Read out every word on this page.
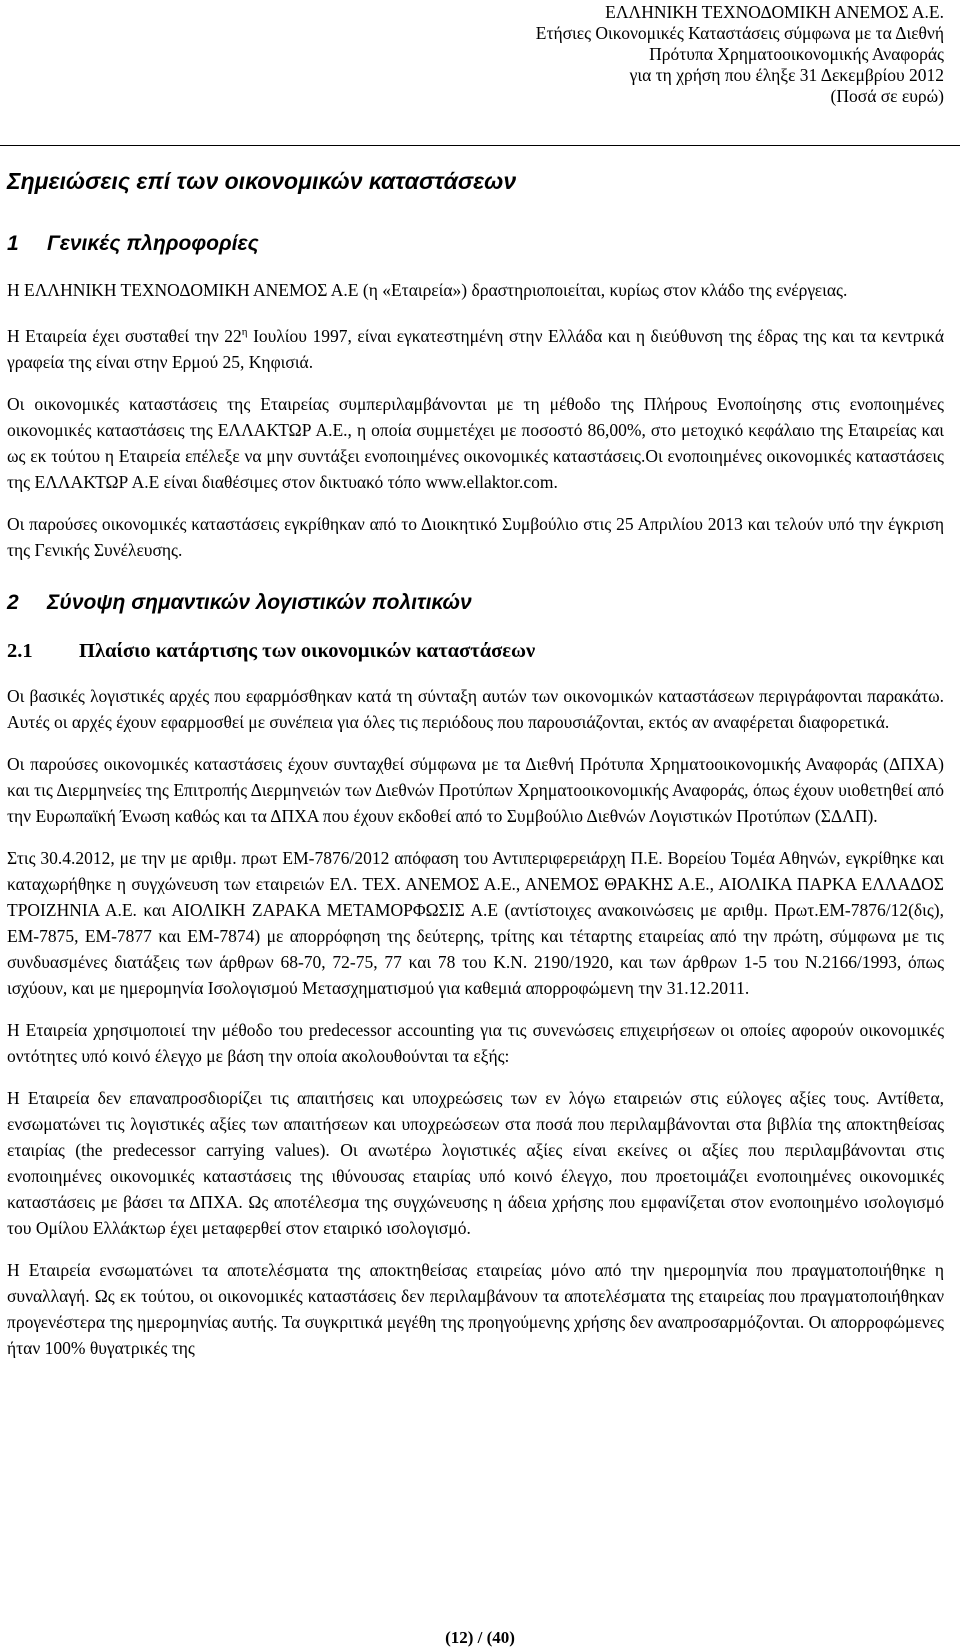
ΕΛΛΗΝΙΚΗ ΤΕΧΝΟΔΟΜΙΚΗ ΑΝΕΜΟΣ Α.Ε.
Ετήσιες Οικονομικές Καταστάσεις σύμφωνα με τα Διεθνή
Πρότυπα Χρηματοοικονομικής Αναφοράς
για τη χρήση που έληξε 31 Δεκεμβρίου 2012
(Ποσά σε ευρώ)
Σημειώσεις επί των οικονομικών καταστάσεων
1	Γενικές πληροφορίες

Η ΕΛΛΗΝΙΚΗ ΤΕΧΝΟΔΟΜΙΚΗ ΑΝΕΜΟΣ Α.Ε (η «Εταιρεία») δραστηριοποιείται, κυρίως στον κλάδο της ενέργειας.

Η Εταιρεία έχει συσταθεί την $22^\eta$ Ιουλίου 1997, είναι εγκατεστημένη στην Ελλάδα και η διεύθυνση της έδρας της και τα κεντρικά γραφεία της είναι στην Ερμού 25, Κηφισιά.

Οι οικονομικές καταστάσεις της Εταιρείας συμπεριλαμβάνονται με τη μέθοδο της Πλήρους Ενοποίησης στις ενοποιημένες οικονομικές καταστάσεις της ΕΛΛΑΚΤΩΡ Α.Ε., η οποία συμμετέχει με ποσοστό 86,00%, στο μετοχικό κεφάλαιο της Εταιρείας και ως εκ τούτου η Εταιρεία επέλεξε να μην συντάξει ενοποιημένες οικονομικές καταστάσεις.Οι ενοποιημένες οικονομικές καταστάσεις της ΕΛΛΑΚΤΩΡ Α.Ε είναι διαθέσιμες στον δικτυακό τόπο www.ellaktor.com.

Οι παρούσες οικονομικές καταστάσεις εγκρίθηκαν από το Διοικητικό Συμβούλιο στις 25 Απριλίου 2013 και τελούν υπό την έγκριση της Γενικής Συνέλευσης.

2	Σύνοψη σημαντικών λογιστικών πολιτικών
2.1	Πλαίσιο κατάρτισης των οικονομικών καταστάσεων

Οι βασικές λογιστικές αρχές που εφαρμόσθηκαν κατά τη σύνταξη αυτών των οικονομικών καταστάσεων περιγράφονται παρακάτω. Αυτές οι αρχές έχουν εφαρμοσθεί με συνέπεια για όλες τις περιόδους που παρουσιάζονται, εκτός αν αναφέρεται διαφορετικά.

Οι παρούσες οικονομικές καταστάσεις έχουν συνταχθεί σύμφωνα με τα Διεθνή Πρότυπα Χρηματοοικονομικής Αναφοράς (ΔΠΧΑ) και τις Διερμηνείες της Επιτροπής Διερμηνειών των Διεθνών Προτύπων Χρηματοοικονομικής Αναφοράς, όπως έχουν υιοθετηθεί από την Ευρωπαϊκή Ένωση καθώς και τα ΔΠΧΑ που έχουν εκδοθεί από το Συμβούλιο Διεθνών Λογιστικών Προτύπων (ΣΔΛΠ).

Στις 30.4.2012, με την με αριθμ. πρωτ ΕΜ-7876/2012 απόφαση του Αντιπεριφερειάρχη Π.Ε. Βορείου Τομέα Αθηνών, εγκρίθηκε και καταχωρήθηκε η συγχώνευση των εταιρειών ΕΛ. ΤΕΧ. ΑΝΕΜΟΣ Α.Ε., ΑΝΕΜΟΣ ΘΡΑΚΗΣ Α.Ε., ΑΙΟΛΙΚΑ ΠΑΡΚΑ ΕΛΛΑΔΟΣ ΤΡΟΙΖΗΝΙΑ Α.Ε. και ΑΙΟΛΙΚΗ ΖΑΡΑΚΑ ΜΕΤΑΜΟΡΦΩΣΙΣ Α.Ε (αντίστοιχες ανακοινώσεις με αριθμ. Πρωτ.ΕΜ-7876/12(δις), ΕΜ-7875, ΕΜ-7877 και ΕΜ-7874) με απορρόφηση της δεύτερης, τρίτης και τέταρτης εταιρείας από την πρώτη, σύμφωνα με τις συνδυασμένες διατάξεις των άρθρων 68-70, 72-75, 77 και 78 του Κ.Ν. 2190/1920, και των άρθρων 1-5 του Ν.2166/1993, όπως ισχύουν, και με ημερομηνία Ισολογισμού Μετασχηματισμού για καθεμιά απορροφώμενη την 31.12.2011.

Η Εταιρεία χρησιμοποιεί την μέθοδο του predecessor accounting για τις συνενώσεις επιχειρήσεων οι οποίες αφορούν οικονομικές οντότητες υπό κοινό έλεγχο με βάση την οποία ακολουθούνται τα εξής:

Η Εταιρεία δεν επαναπροσδιορίζει τις απαιτήσεις και υποχρεώσεις των εν λόγω εταιρειών στις εύλογες αξίες τους. Αντίθετα, ενσωματώνει τις λογιστικές αξίες των απαιτήσεων και υποχρεώσεων στα ποσά που περιλαμβάνονται στα βιβλία της αποκτηθείσας εταιρίας (the predecessor carrying values). Οι ανωτέρω λογιστικές αξίες είναι εκείνες οι αξίες που περιλαμβάνονται στις ενοποιημένες οικονομικές καταστάσεις της ιθύνουσας εταιρίας υπό κοινό έλεγχο, που προετοιμάζει ενοποιημένες οικονομικές καταστάσεις με βάσει τα ΔΠΧΑ. Ως αποτέλεσμα της συγχώνευσης η άδεια χρήσης που εμφανίζεται στον ενοποιημένο ισολογισμό του Ομίλου Ελλάκτωρ έχει μεταφερθεί στον εταιρικό ισολογισμό.

Η Εταιρεία ενσωματώνει τα αποτελέσματα της αποκτηθείσας εταιρείας μόνο από την ημερομηνία που πραγματοποιήθηκε η συναλλαγή. Ως εκ τούτου, οι οικονομικές καταστάσεις δεν περιλαμβάνουν τα αποτελέσματα της εταιρείας που πραγματοποιήθηκαν προγενέστερα της ημερομηνίας αυτής. Τα συγκριτικά μεγέθη της προηγούμενης χρήσης δεν αναπροσαρμόζονται. Οι απορροφώμενες ήταν 100% θυγατρικές της

(12) / (40)
